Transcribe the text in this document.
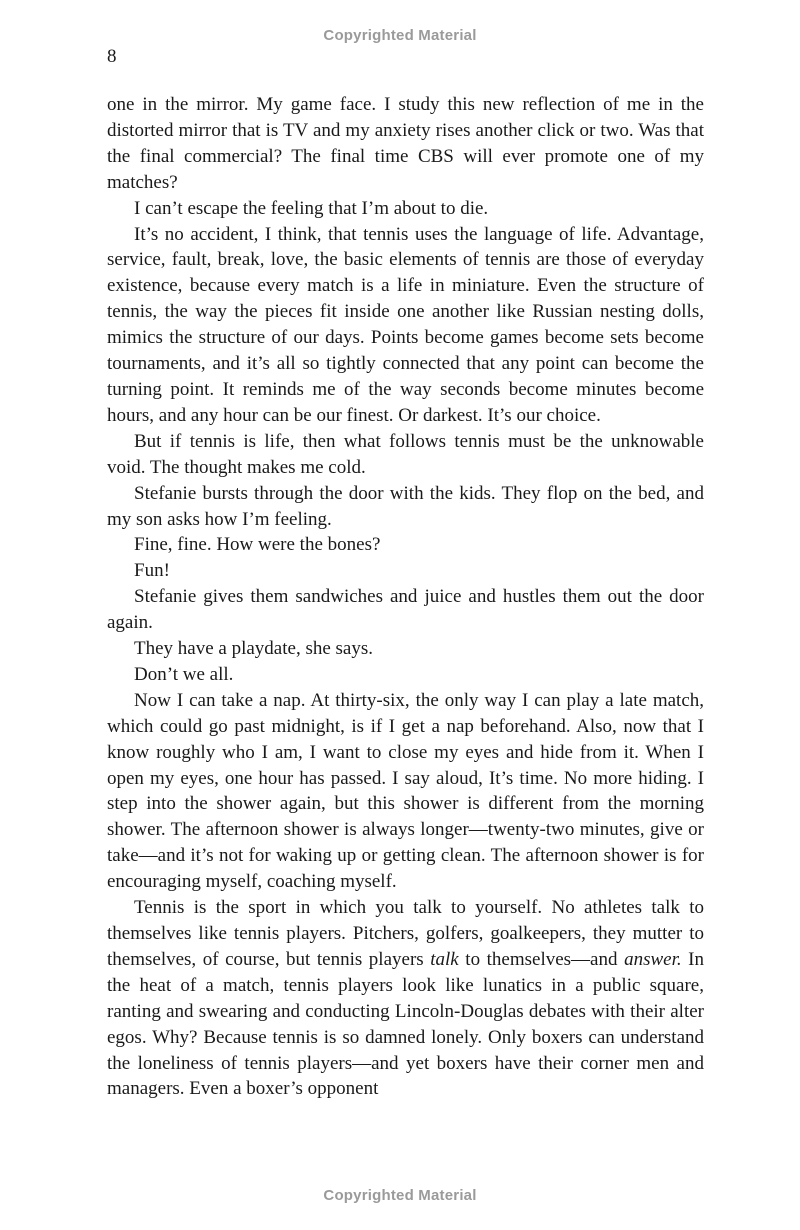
Copyrighted Material
8

one in the mirror. My game face. I study this new reflection of me in the distorted mirror that is TV and my anxiety rises another click or two. Was that the final commercial? The final time CBS will ever promote one of my matches?

I can’t escape the feeling that I’m about to die.

It’s no accident, I think, that tennis uses the language of life. Advantage, service, fault, break, love, the basic elements of tennis are those of everyday existence, because every match is a life in miniature. Even the structure of tennis, the way the pieces fit inside one another like Russian nesting dolls, mimics the structure of our days. Points become games become sets become tournaments, and it’s all so tightly connected that any point can become the turning point. It reminds me of the way seconds become minutes become hours, and any hour can be our finest. Or darkest. It’s our choice.

But if tennis is life, then what follows tennis must be the unknowable void. The thought makes me cold.

Stefanie bursts through the door with the kids. They flop on the bed, and my son asks how I’m feeling.

Fine, fine. How were the bones?

Fun!

Stefanie gives them sandwiches and juice and hustles them out the door again.

They have a playdate, she says.

Don’t we all.

Now I can take a nap. At thirty-six, the only way I can play a late match, which could go past midnight, is if I get a nap beforehand. Also, now that I know roughly who I am, I want to close my eyes and hide from it. When I open my eyes, one hour has passed. I say aloud, It’s time. No more hiding. I step into the shower again, but this shower is different from the morning shower. The afternoon shower is always longer—twenty-two minutes, give or take—and it’s not for waking up or getting clean. The afternoon shower is for encouraging myself, coaching myself.

Tennis is the sport in which you talk to yourself. No athletes talk to themselves like tennis players. Pitchers, golfers, goalkeepers, they mutter to themselves, of course, but tennis players talk to themselves—and answer. In the heat of a match, tennis players look like lunatics in a public square, ranting and swearing and conducting Lincoln-Douglas debates with their alter egos. Why? Because tennis is so damned lonely. Only boxers can understand the loneliness of tennis players—and yet boxers have their corner men and managers. Even a boxer’s opponent

Copyrighted Material
